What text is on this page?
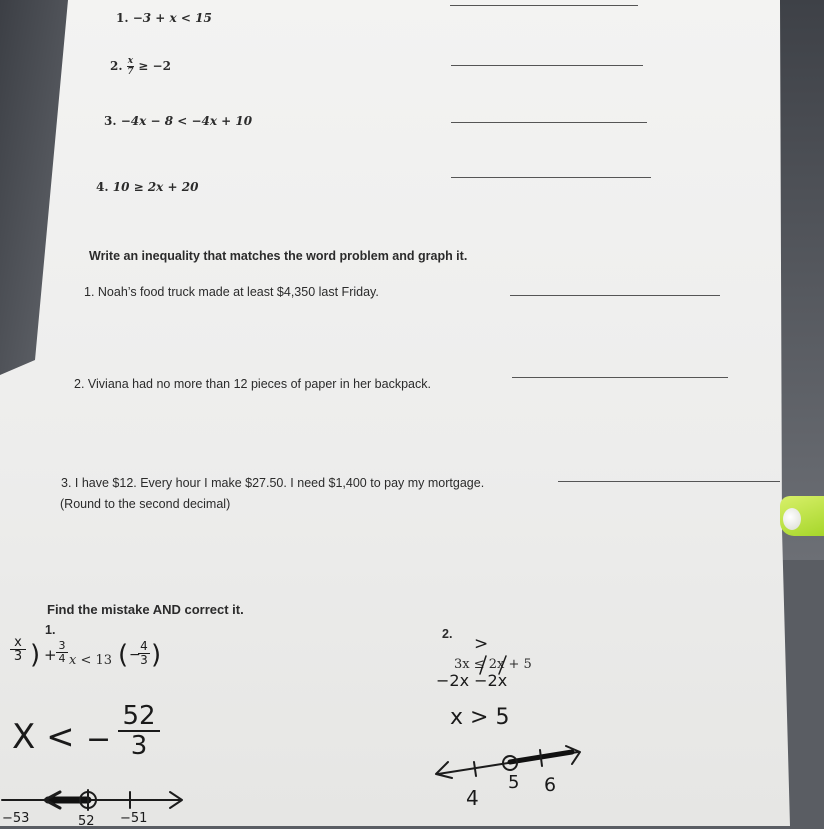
1. −3 + x < 15
2. $\frac{x}{7} \ge -2$
3. −4x − 8 < −4x + 10
4. 10 ≥ 2x + 20
Write an inequality that matches the word problem and graph it.
1. Noah’s food truck made at least $4,350 last Friday.
2. Viviana had no more than 12 pieces of paper in her backpack.
3. I have $12. Every hour I make $27.50. I need $1,400 to pay my mortgage.
(Round to the second decimal)
Find the mistake AND correct it.
1.	2.
x
3 ) +
3
4 x < 13 ( −
4
3 )
X < −
52
3
−53	52 −51
>
3x ≤ 2x + 5
−2x −2x
x > 5
4
5 6
